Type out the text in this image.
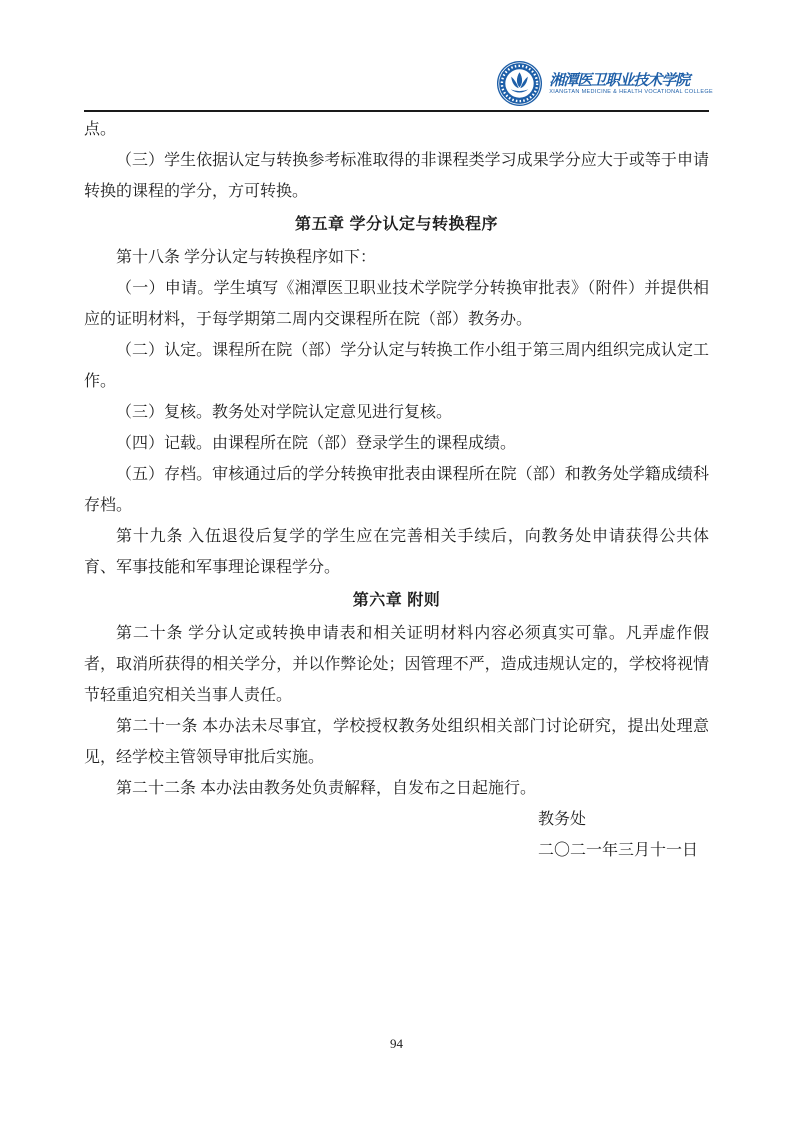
湘潭医卫职业技术学院
XIANGTAN MEDICINE & HEALTH VOCATIONAL COLLEGE

点。

（三）学生依据认定与转换参考标准取得的非课程类学习成果学分应大于或等于申请转换的课程的学分，方可转换。

第五章 学分认定与转换程序

第十八条 学分认定与转换程序如下：

（一）申请。学生填写《湘潭医卫职业技术学院学分转换审批表》（附件）并提供相应的证明材料，于每学期第二周内交课程所在院（部）教务办。

（二）认定。课程所在院（部）学分认定与转换工作小组于第三周内组织完成认定工作。

（三）复核。教务处对学院认定意见进行复核。

（四）记载。由课程所在院（部）登录学生的课程成绩。

（五）存档。审核通过后的学分转换审批表由课程所在院（部）和教务处学籍成绩科存档。

第十九条 入伍退役后复学的学生应在完善相关手续后，向教务处申请获得公共体育、军事技能和军事理论课程学分。

第六章 附则

第二十条 学分认定或转换申请表和相关证明材料内容必须真实可靠。凡弄虚作假者，取消所获得的相关学分，并以作弊论处；因管理不严，造成违规认定的，学校将视情节轻重追究相关当事人责任。

第二十一条 本办法未尽事宜，学校授权教务处组织相关部门讨论研究，提出处理意见，经学校主管领导审批后实施。

第二十二条 本办法由教务处负责解释，自发布之日起施行。

教务处
二〇二一年三月十一日
94
